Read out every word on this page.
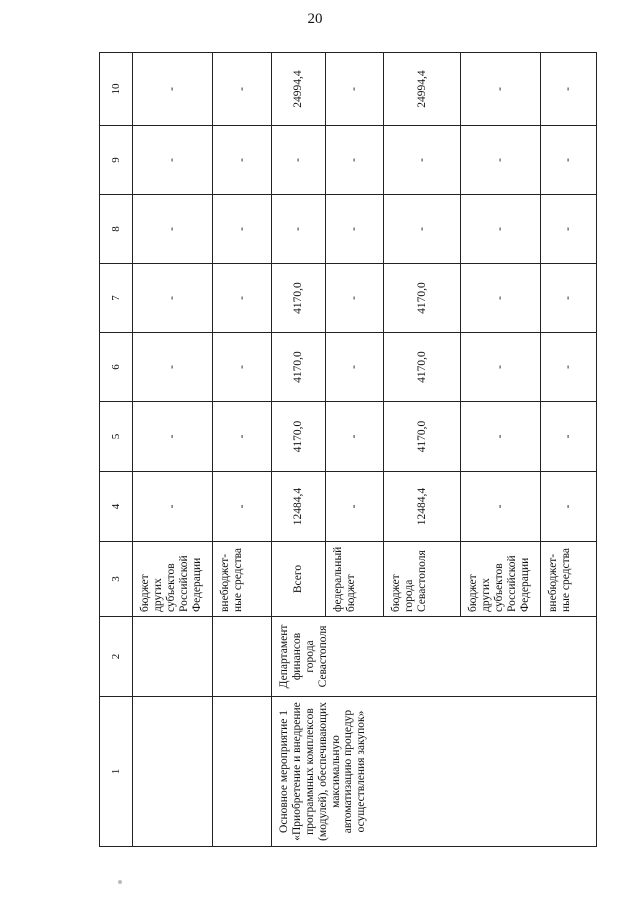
20
1	2	3	4	5	6	7	8	9	10
		бюджет других субъектов Российской Федерации	-	-	-	-	-	-	-
		внебюджет-ные средства	-	-	-	-	-	-	-
Основное мероприятие 1 «Приобретение и внедрение программных комплексов (модулей), обеспечивающих максимальную автоматизацию процедур осуществления закупок»	Департамент финансов города Севастополя	Всего	12484,4	4170,0	4170,0	4170,0	-	-	24994,4
		федеральный бюджет	-	-	-	-	-	-	-
		бюджет города Севастополя	12484,4	4170,0	4170,0	4170,0	-	-	24994,4
		бюджет других субъектов Российской Федерации	-	-	-	-	-	-	-
		внебюджет-ные средства	-	-	-	-	-	-	-
